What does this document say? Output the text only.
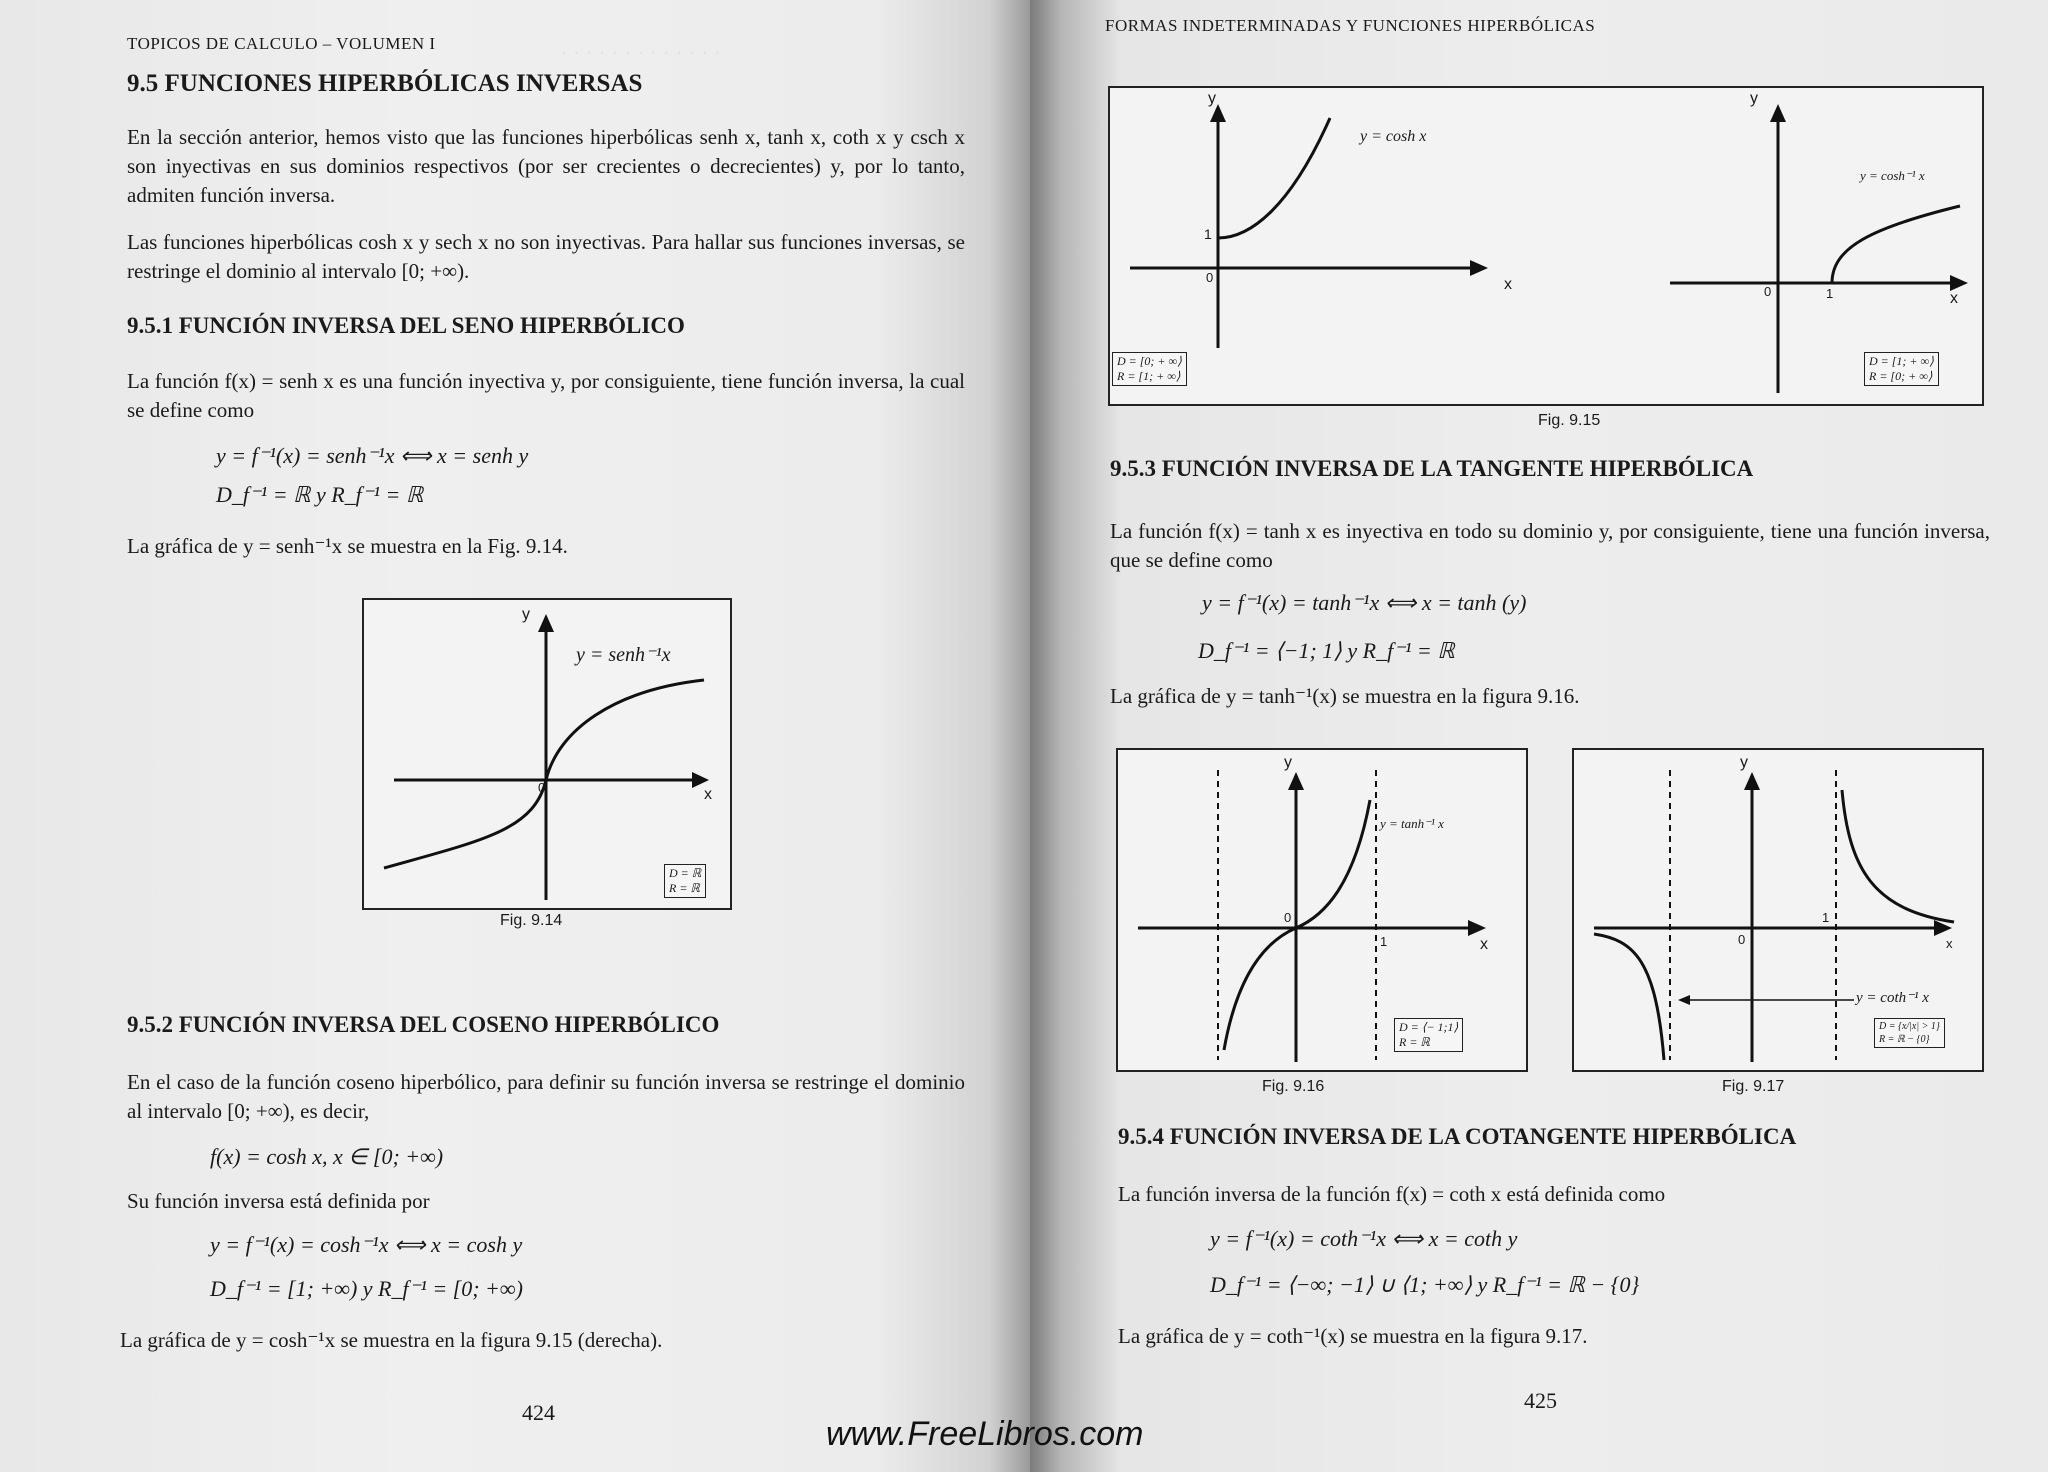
· · · · · · · · · · · · ·
TOPICOS DE CALCULO – VOLUMEN I
9.5 FUNCIONES HIPERBÓLICAS INVERSAS
En la sección anterior, hemos visto que las funciones hiperbólicas senh x, tanh x, coth x y csch x son inyectivas en sus dominios respectivos (por ser crecientes o decrecientes) y, por lo tanto, admiten función inversa.
Las funciones hiperbólicas cosh x y sech x no son inyectivas. Para hallar sus funciones inversas, se restringe el dominio al intervalo [0; +∞).
9.5.1 FUNCIÓN INVERSA DEL SENO HIPERBÓLICO
La función f(x) = senh x es una función inyectiva y, por consiguiente, tiene función inversa, la cual se define como
y = f⁻¹(x) = senh⁻¹x ⟺ x = senh y
D_f⁻¹ = ℝ y R_f⁻¹ = ℝ
La gráfica de y = senh⁻¹x se muestra en la Fig. 9.14.
y
x
0
y = senh⁻¹x
D = ℝ
R = ℝ
Fig. 9.14
9.5.2 FUNCIÓN INVERSA DEL COSENO HIPERBÓLICO
En el caso de la función coseno hiperbólico, para definir su función inversa se restringe el dominio al intervalo [0; +∞), es decir,
f(x) = cosh x, x ∈ [0; +∞)
Su función inversa está definida por
y = f⁻¹(x) = cosh⁻¹x ⟺ x = cosh y
D_f⁻¹ = [1; +∞) y R_f⁻¹ = [0; +∞)
La gráfica de y = cosh⁻¹x se muestra en la figura 9.15 (derecha).
424
FORMAS INDETERMINADAS Y FUNCIONES HIPERBÓLICAS
y
x
1
0
y = cosh x
D = [0; + ∞⟩
R = [1; + ∞⟩
y
x
0	1
y = cosh⁻¹ x
D = [1; + ∞⟩
R = [0; + ∞⟩
Fig. 9.15
9.5.3 FUNCIÓN INVERSA DE LA TANGENTE HIPERBÓLICA
La función f(x) = tanh x es inyectiva en todo su dominio y, por consiguiente, tiene una función inversa, que se define como
y = f⁻¹(x) = tanh⁻¹x ⟺ x = tanh (y)
D_f⁻¹ = ⟨−1; 1⟩ y R_f⁻¹ = ℝ
La gráfica de y = tanh⁻¹(x) se muestra en la figura 9.16.
y
x
0
1
y = tanh⁻¹ x
D = ⟨− 1;1⟩
R = ℝ
Fig. 9.16
y
x
0
1
y = coth⁻¹ x
D = {x/|x| > 1}
R = ℝ − {0}
Fig. 9.17
9.5.4 FUNCIÓN INVERSA DE LA COTANGENTE HIPERBÓLICA
La función inversa de la función f(x) = coth x está definida como
y = f⁻¹(x) = coth⁻¹x ⟺ x = coth y
D_f⁻¹ = ⟨−∞; −1⟩ ∪ ⟨1; +∞⟩ y R_f⁻¹ = ℝ − {0}
La gráfica de y = coth⁻¹(x) se muestra en la figura 9.17.
425
www.FreeLibros.com
